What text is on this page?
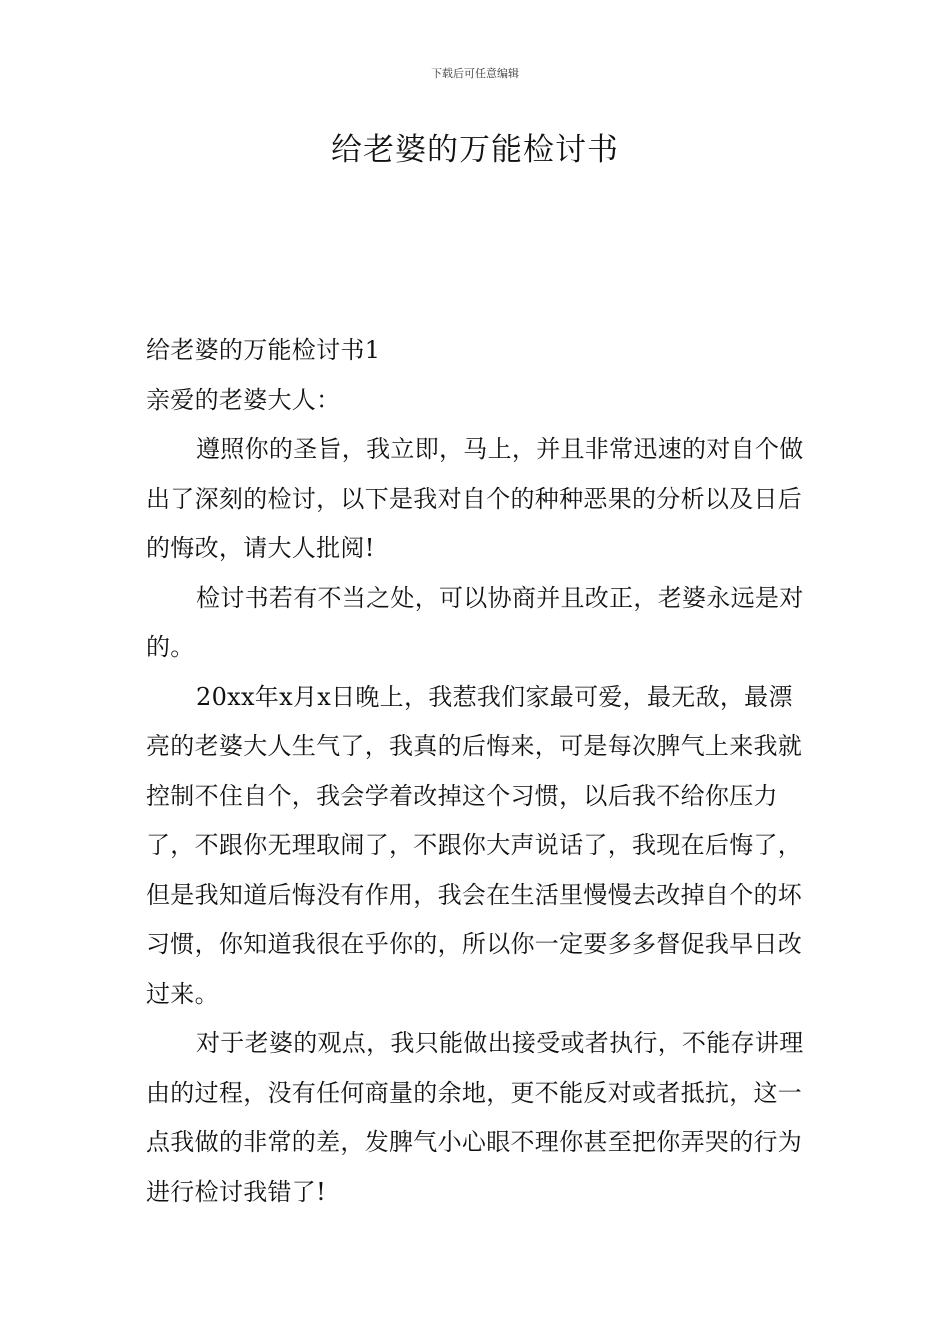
下载后可任意编辑
给老婆的万能检讨书

给老婆的万能检讨书1

亲爱的老婆大人：

遵照你的圣旨，我立即，马上，并且非常迅速的对自个做出了深刻的检讨，以下是我对自个的种种恶果的分析以及日后的悔改，请大人批阅!

检讨书若有不当之处，可以协商并且改正，老婆永远是对的。

20xx年x月x日晚上，我惹我们家最可爱，最无敌，最漂亮的老婆大人生气了，我真的后悔来，可是每次脾气上来我就控制不住自个，我会学着改掉这个习惯，以后我不给你压力了，不跟你无理取闹了，不跟你大声说话了，我现在后悔了，但是我知道后悔没有作用，我会在生活里慢慢去改掉自个的坏习惯，你知道我很在乎你的，所以你一定要多多督促我早日改过来。

对于老婆的观点，我只能做出接受或者执行，不能存讲理由的过程，没有任何商量的余地，更不能反对或者抵抗，这一点我做的非常的差，发脾气小心眼不理你甚至把你弄哭的行为进行检讨我错了!
